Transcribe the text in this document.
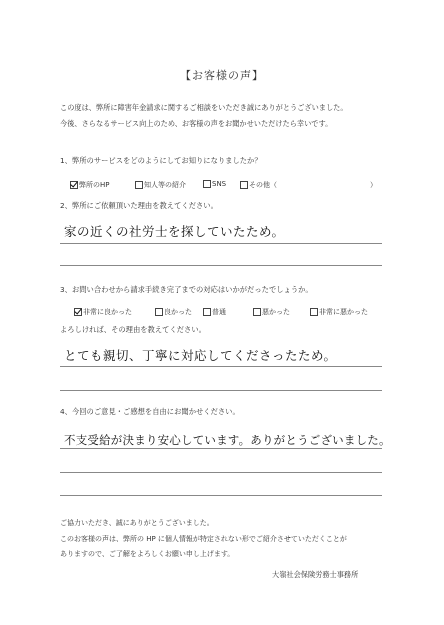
【お客様の声】
この度は、弊所に障害年金請求に関するご相談をいただき誠にありがとうございました。
今後、さらなるサービス向上のため、お客様の声をお聞かせいただけたら幸いです。
1、弊所のサービスをどのようにしてお知りになりましたか？
弊所のHP	知人等の紹介	SNS	その他（	）
2、弊所にご依頼頂いた理由を教えてください。
家の近くの社労士を探していたため。
3、お問い合わせから請求手続き完了までの対応はいかがだったでしょうか。
非常に良かった	良かった	普通	悪かった	非常に悪かった
よろしければ、その理由を教えてください。
とても親切、丁寧に対応してくださったため。
4、今回のご意見・ご感想を自由にお聞かせください。
不支受給が決まり安心しています。ありがとうございました。
ご協力いただき、誠にありがとうございました。
このお客様の声は、弊所の HP に個人情報が特定されない形でご紹介させていただくことが
ありますので、ご了解をよろしくお願い申し上げます。
大嶺社会保険労務士事務所
